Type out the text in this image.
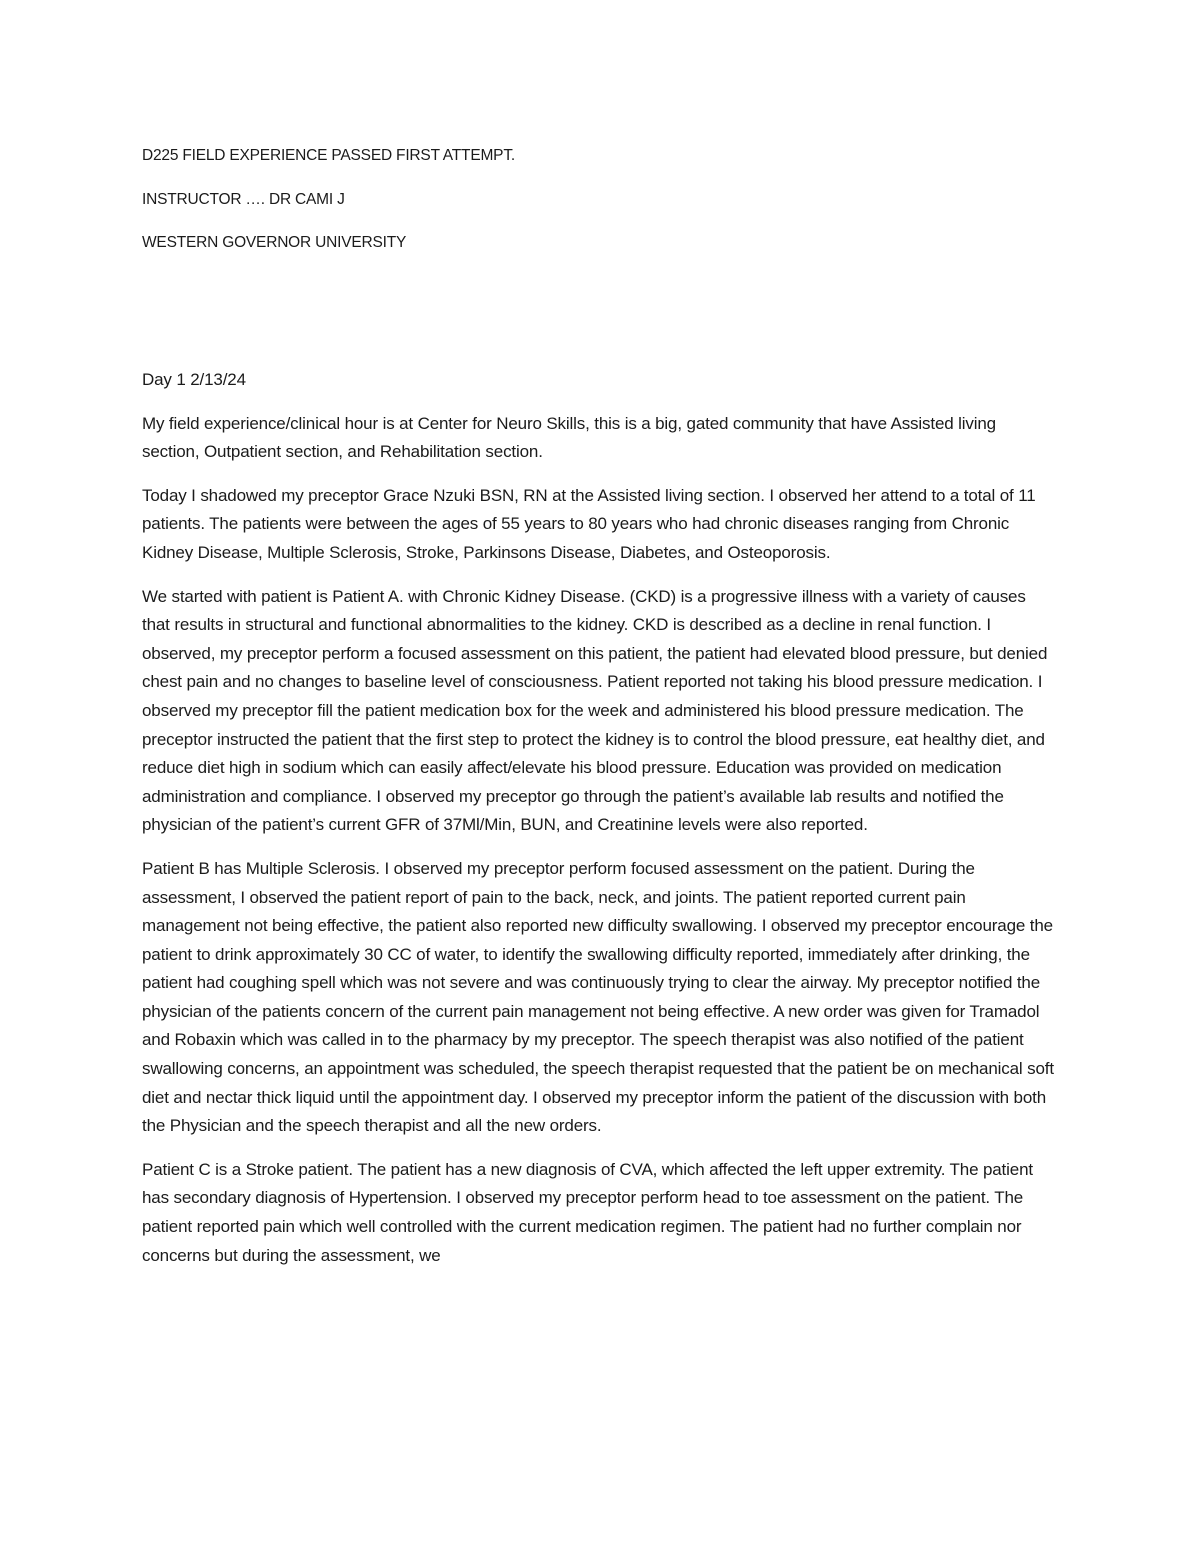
D225 FIELD EXPERIENCE PASSED FIRST ATTEMPT.
INSTRUCTOR …. DR CAMI J
WESTERN GOVERNOR UNIVERSITY

Day 1 2/13/24

My field experience/clinical hour is at Center for Neuro Skills, this is a big, gated community that have Assisted living section, Outpatient section, and Rehabilitation section.

Today I shadowed my preceptor Grace Nzuki BSN, RN at the Assisted living section. I observed her attend to a total of 11 patients. The patients were between the ages of 55 years to 80 years who had chronic diseases ranging from Chronic Kidney Disease, Multiple Sclerosis, Stroke, Parkinsons Disease, Diabetes, and Osteoporosis.

We started with patient is Patient A. with Chronic Kidney Disease. (CKD) is a progressive illness with a variety of causes that results in structural and functional abnormalities to the kidney. CKD is described as a decline in renal function. I observed, my preceptor perform a focused assessment on this patient, the patient had elevated blood pressure, but denied chest pain and no changes to baseline level of consciousness. Patient reported not taking his blood pressure medication. I observed my preceptor fill the patient medication box for the week and administered his blood pressure medication. The preceptor instructed the patient that the first step to protect the kidney is to control the blood pressure, eat healthy diet, and reduce diet high in sodium which can easily affect/elevate his blood pressure. Education was provided on medication administration and compliance. I observed my preceptor go through the patient’s available lab results and notified the physician of the patient’s current GFR of 37Ml/Min, BUN, and Creatinine levels were also reported.

Patient B has Multiple Sclerosis. I observed my preceptor perform focused assessment on the patient. During the assessment, I observed the patient report of pain to the back, neck, and joints. The patient reported current pain management not being effective, the patient also reported new difficulty swallowing. I observed my preceptor encourage the patient to drink approximately 30 CC of water, to identify the swallowing difficulty reported, immediately after drinking, the patient had coughing spell which was not severe and was continuously trying to clear the airway. My preceptor notified the physician of the patients concern of the current pain management not being effective. A new order was given for Tramadol and Robaxin which was called in to the pharmacy by my preceptor. The speech therapist was also notified of the patient swallowing concerns, an appointment was scheduled, the speech therapist requested that the patient be on mechanical soft diet and nectar thick liquid until the appointment day. I observed my preceptor inform the patient of the discussion with both the Physician and the speech therapist and all the new orders.

Patient C is a Stroke patient. The patient has a new diagnosis of CVA, which affected the left upper extremity. The patient has secondary diagnosis of Hypertension. I observed my preceptor perform head to toe assessment on the patient. The patient reported pain which well controlled with the current medication regimen. The patient had no further complain nor concerns but during the assessment, we
